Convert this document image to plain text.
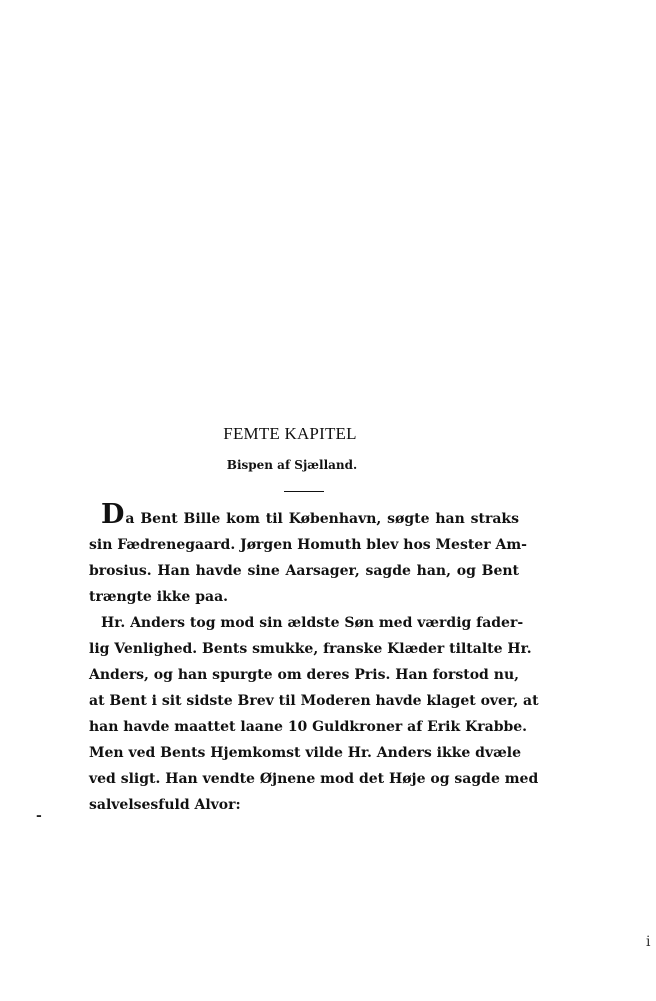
FEMTE KAPITEL
Bispen af Sjælland.
Da Bent Bille kom til København, søgte han straks
sin Fædrenegaard. Jørgen Homuth blev hos Mester Am-
brosius. Han havde sine Aarsager, sagde han, og Bent
trængte ikke paa.
Hr. Anders tog mod sin ældste Søn med værdig fader-
lig Venlighed. Bents smukke, franske Klæder tiltalte Hr.
Anders, og han spurgte om deres Pris. Han forstod nu,
at Bent i sit sidste Brev til Moderen havde klaget over, at
han havde maattet laane 10 Guldkroner af Erik Krabbe.
Men ved Bents Hjemkomst vilde Hr. Anders ikke dvæle
ved sligt. Han vendte Øjnene mod det Høje og sagde med
salvelsesfuld Alvor:
-
i
